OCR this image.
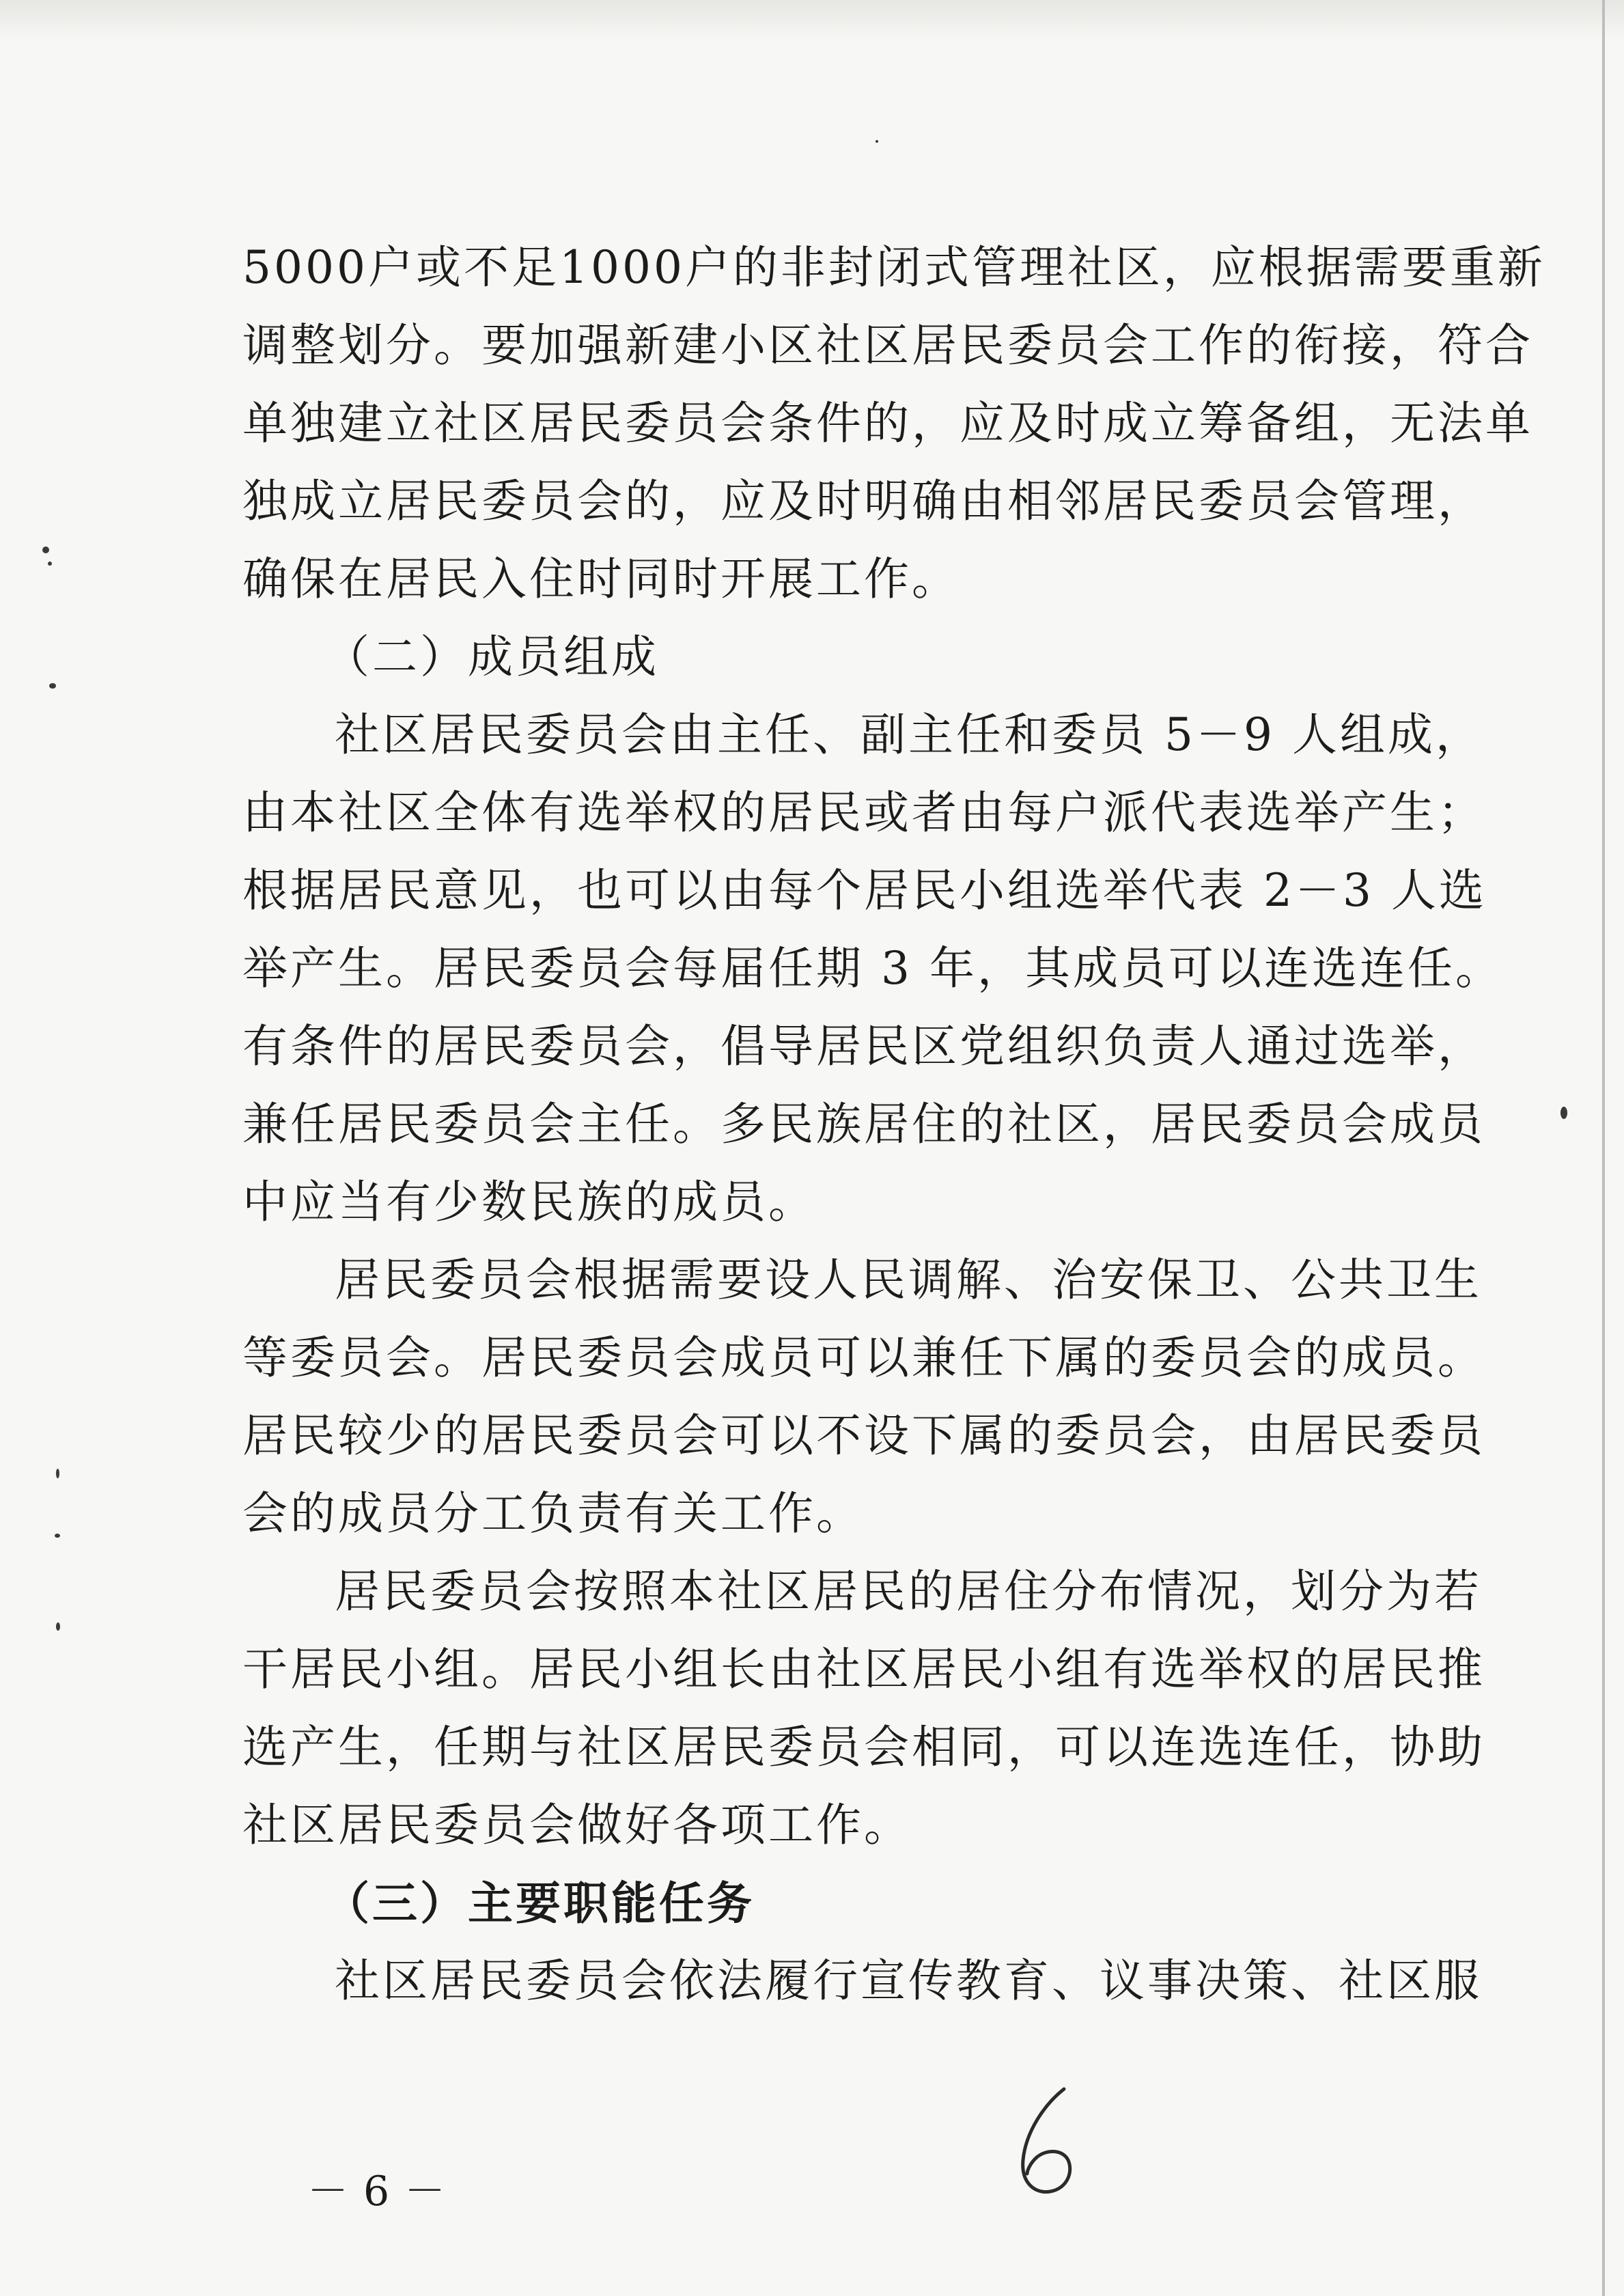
5000户或不足1000户的非封闭式管理社区，应根据需要重新
调整划分。要加强新建小区社区居民委员会工作的衔接，符合
单独建立社区居民委员会条件的，应及时成立筹备组，无法单
独成立居民委员会的，应及时明确由相邻居民委员会管理，
确保在居民入住时同时开展工作。
（二）成员组成
社区居民委员会由主任、副主任和委员 5－9 人组成，
由本社区全体有选举权的居民或者由每户派代表选举产生；
根据居民意见，也可以由每个居民小组选举代表 2－3 人选
举产生。居民委员会每届任期 3 年，其成员可以连选连任。
有条件的居民委员会，倡导居民区党组织负责人通过选举，
兼任居民委员会主任。多民族居住的社区，居民委员会成员
中应当有少数民族的成员。
居民委员会根据需要设人民调解、治安保卫、公共卫生
等委员会。居民委员会成员可以兼任下属的委员会的成员。
居民较少的居民委员会可以不设下属的委员会，由居民委员
会的成员分工负责有关工作。
居民委员会按照本社区居民的居住分布情况，划分为若
干居民小组。居民小组长由社区居民小组有选举权的居民推
选产生，任期与社区居民委员会相同，可以连选连任，协助
社区居民委员会做好各项工作。
（三）主要职能任务
社区居民委员会依法履行宣传教育、议事决策、社区服
－6－
